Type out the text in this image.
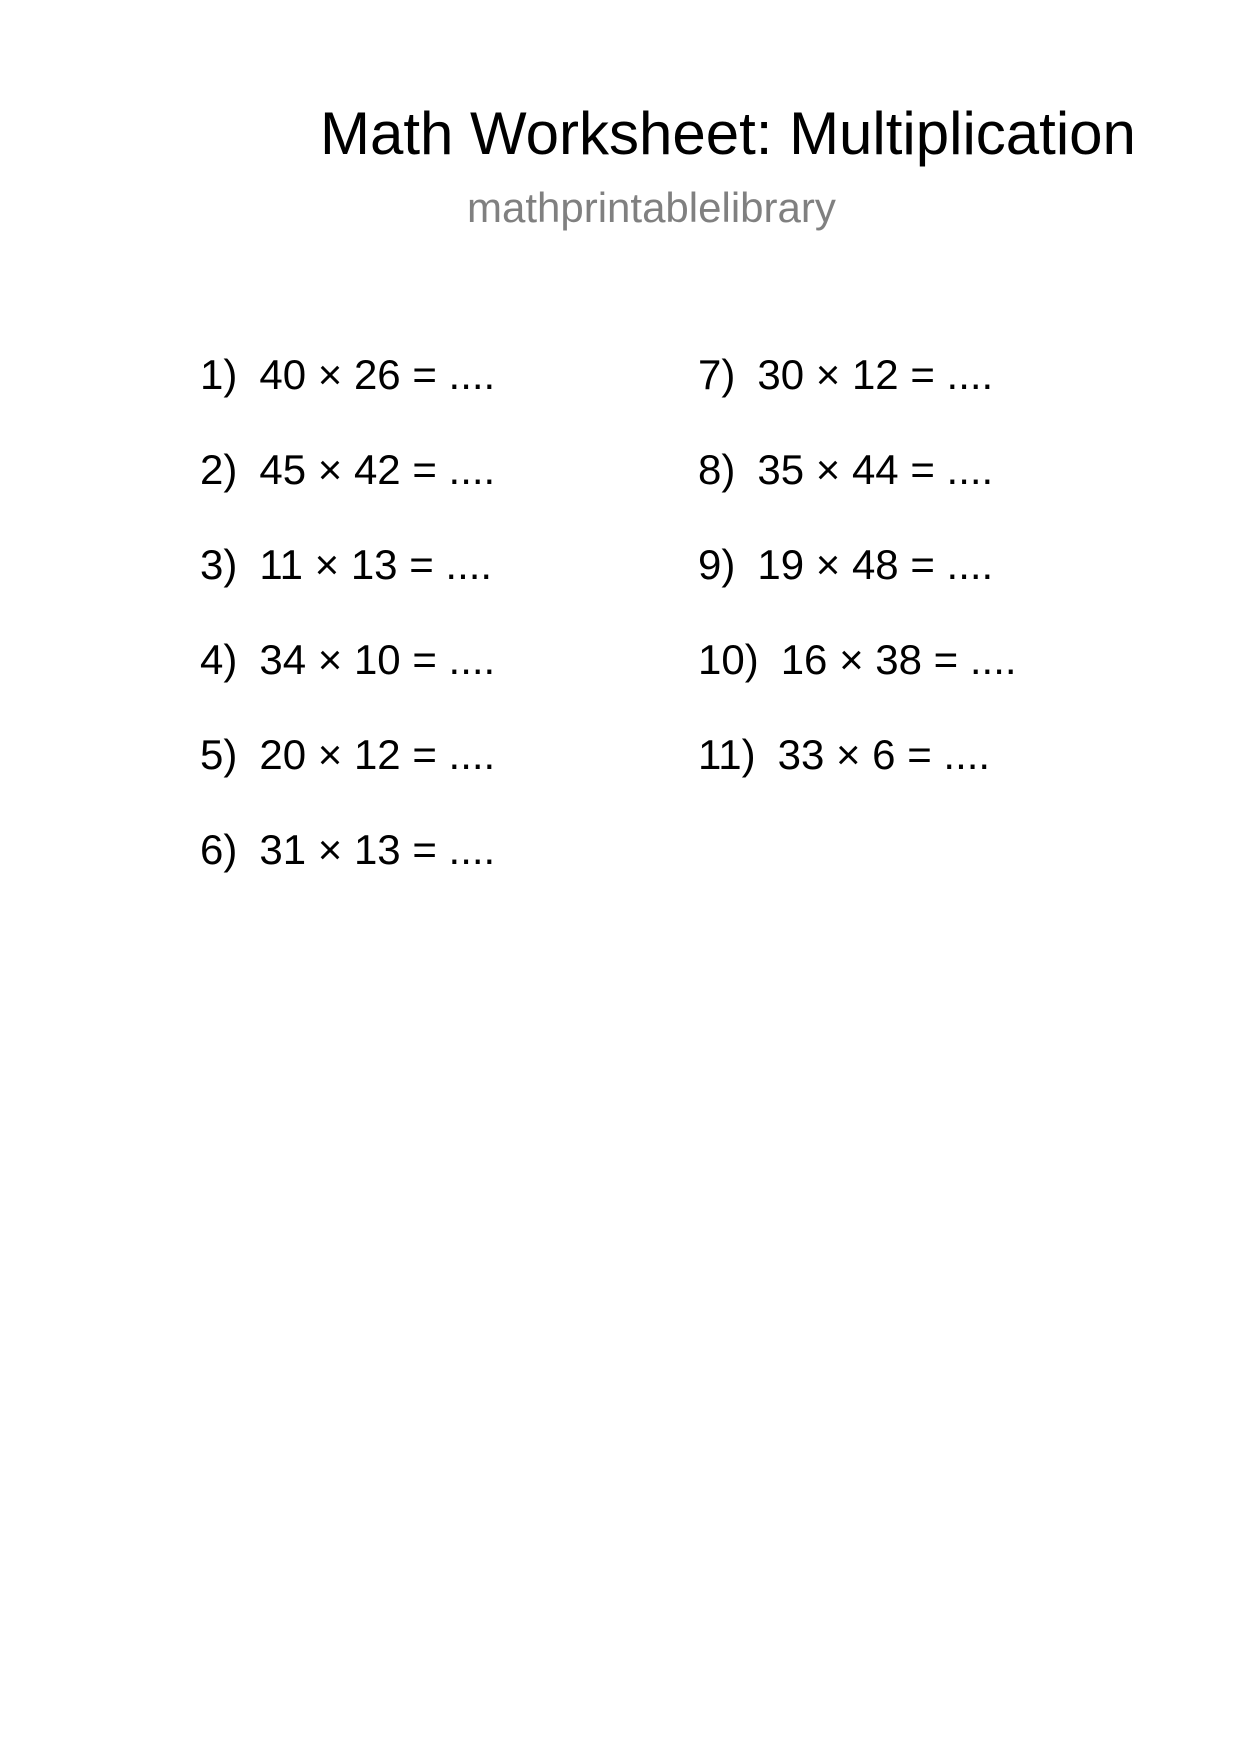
Math Worksheet: Multiplication
mathprintablelibrary
1) 40 × 26 = ....
2) 45 × 42 = ....
3) 11 × 13 = ....
4) 34 × 10 = ....
5) 20 × 12 = ....
6) 31 × 13 = ....
7) 30 × 12 = ....
8) 35 × 44 = ....
9) 19 × 48 = ....
10) 16 × 38 = ....
11) 33 × 6 = ....
